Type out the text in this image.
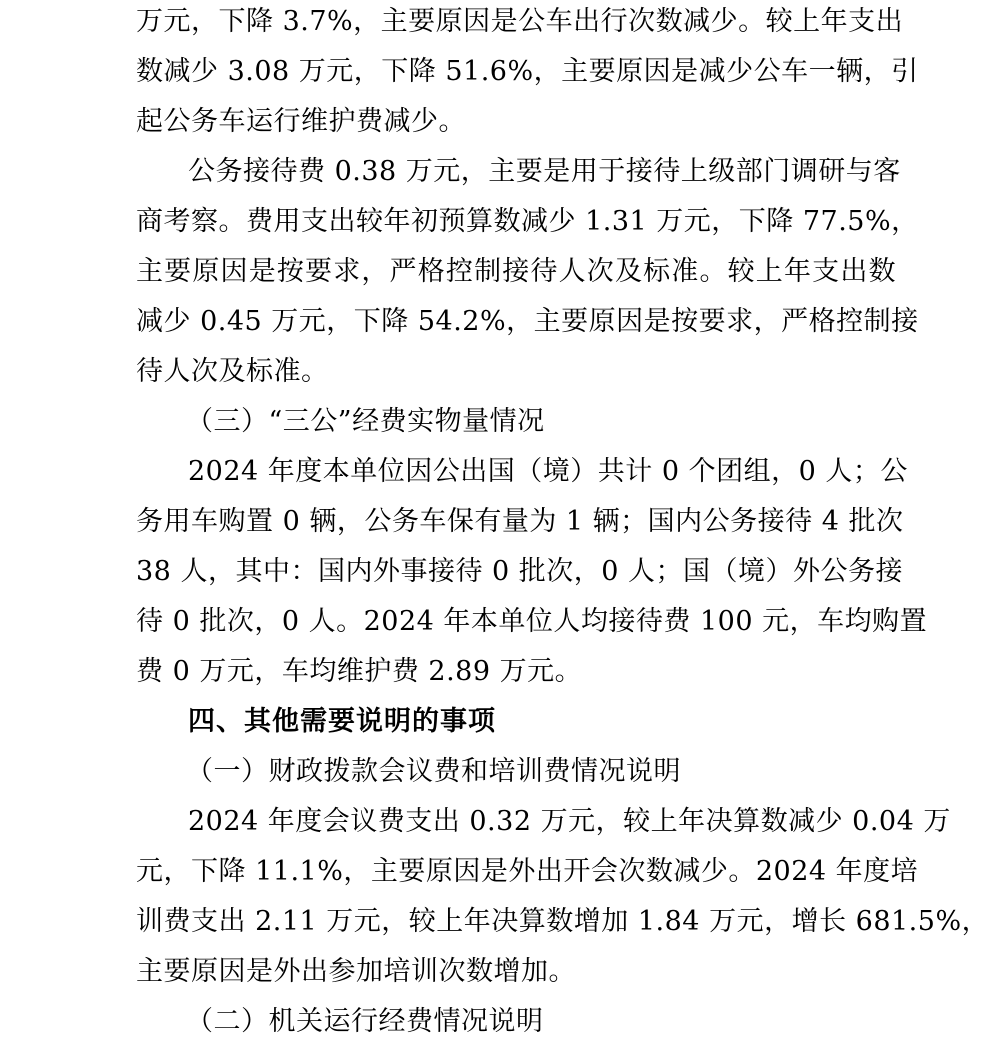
万元，下降 3.7%，主要原因是公车出行次数减少。较上年支出
数减少 3.08 万元，下降 51.6%，主要原因是减少公车一辆，引
起公务车运行维护费减少。
公务接待费 0.38 万元，主要是用于接待上级部门调研与客
商考察。费用支出较年初预算数减少 1.31 万元，下降 77.5%，
主要原因是按要求，严格控制接待人次及标准。较上年支出数
减少 0.45 万元，下降 54.2%，主要原因是按要求，严格控制接
待人次及标准。
（三）“三公”经费实物量情况
2024 年度本单位因公出国（境）共计 0 个团组，0 人；公
务用车购置 0 辆，公务车保有量为 1 辆；国内公务接待 4 批次
38 人，其中：国内外事接待 0 批次，0 人；国（境）外公务接
待 0 批次，0 人。2024 年本单位人均接待费 100 元，车均购置
费 0 万元，车均维护费 2.89 万元。
四、其他需要说明的事项
（一）财政拨款会议费和培训费情况说明
2024 年度会议费支出 0.32 万元，较上年决算数减少 0.04 万
元，下降 11.1%，主要原因是外出开会次数减少。2024 年度培
训费支出 2.11 万元，较上年决算数增加 1.84 万元，增长 681.5%，
主要原因是外出参加培训次数增加。
（二）机关运行经费情况说明
